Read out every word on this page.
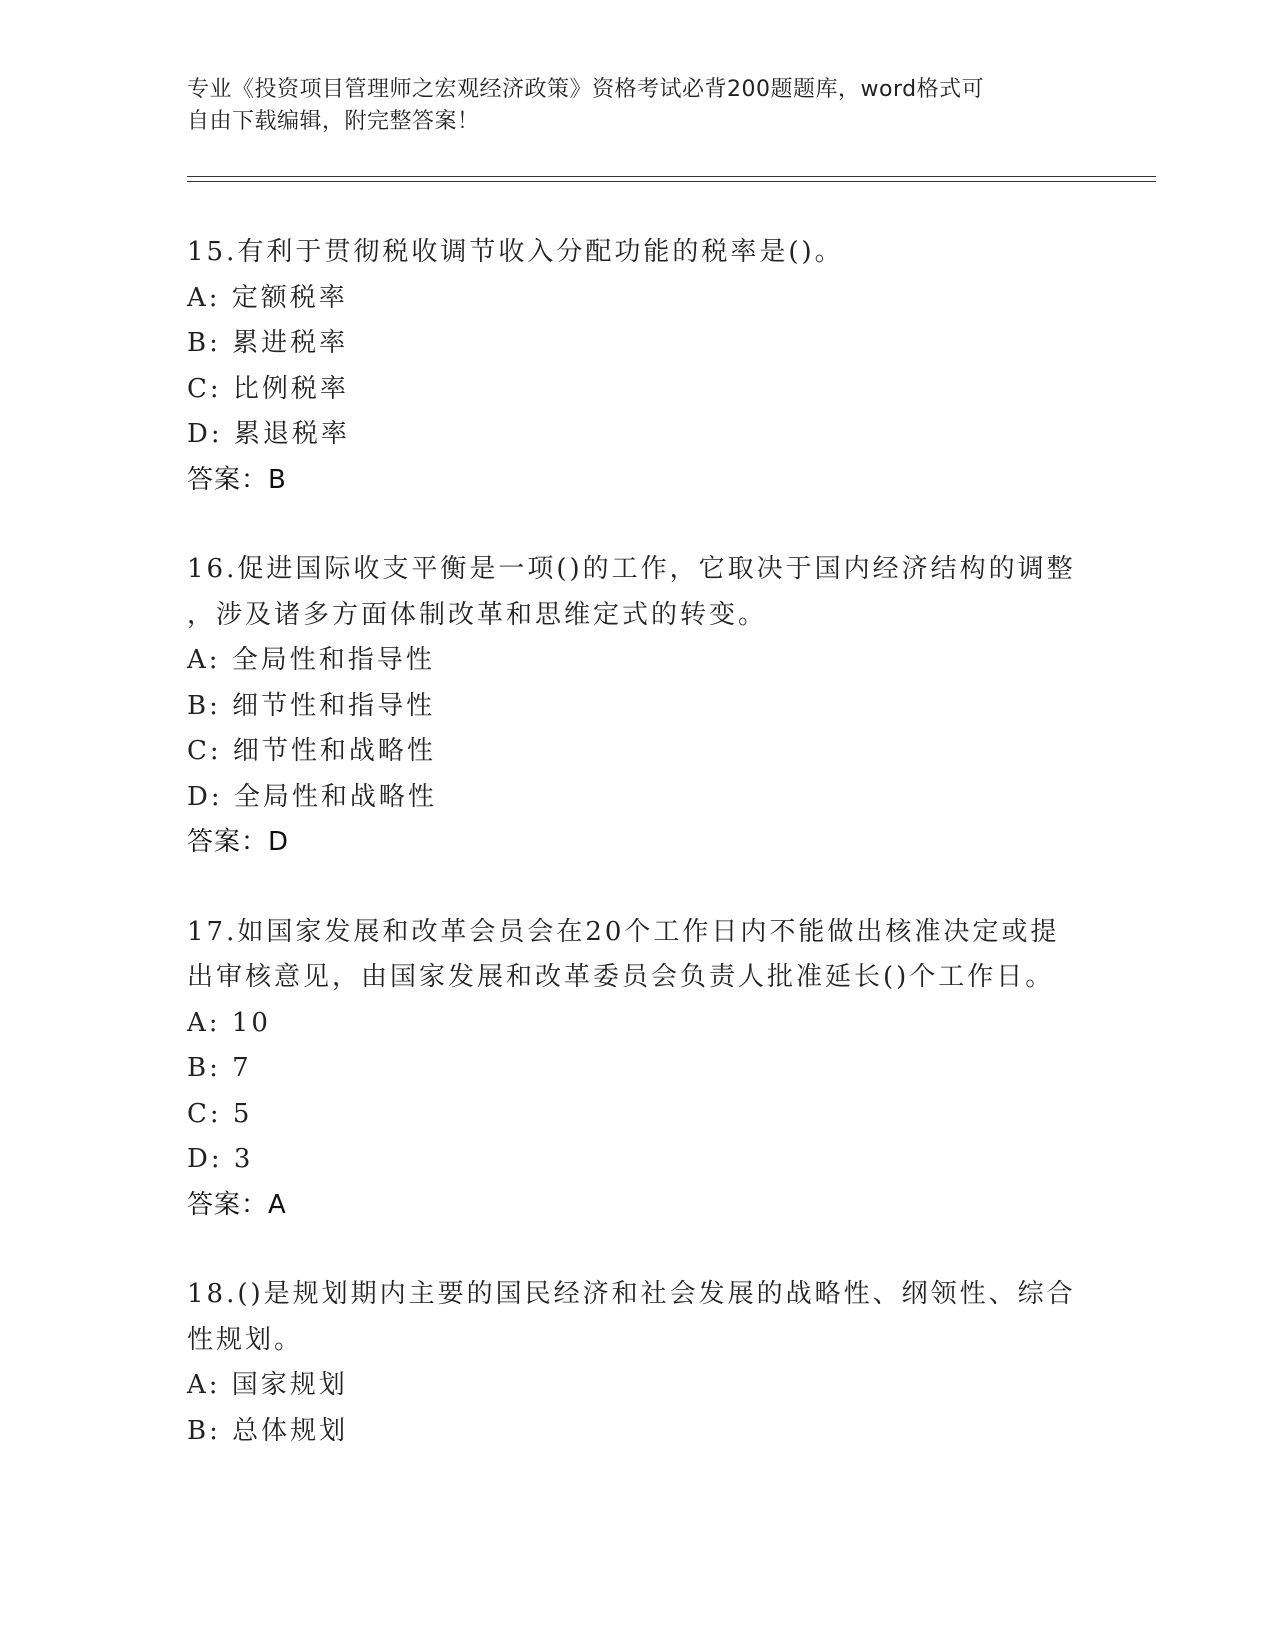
专业《投资项目管理师之宏观经济政策》资格考试必背200题题库，word格式可
自由下载编辑，附完整答案！
15.有利于贯彻税收调节收入分配功能的税率是()。
A: 定额税率
B: 累进税率
C: 比例税率
D: 累退税率
答案：B
16.促进国际收支平衡是一项()的工作，它取决于国内经济结构的调整
，涉及诸多方面体制改革和思维定式的转变。
A: 全局性和指导性
B: 细节性和指导性
C: 细节性和战略性
D: 全局性和战略性
答案：D
17.如国家发展和改革会员会在20个工作日内不能做出核准决定或提
出审核意见，由国家发展和改革委员会负责人批准延长()个工作日。
A: 10
B: 7
C: 5
D: 3
答案：A
18.()是规划期内主要的国民经济和社会发展的战略性、纲领性、综合
性规划。
A: 国家规划
B: 总体规划
